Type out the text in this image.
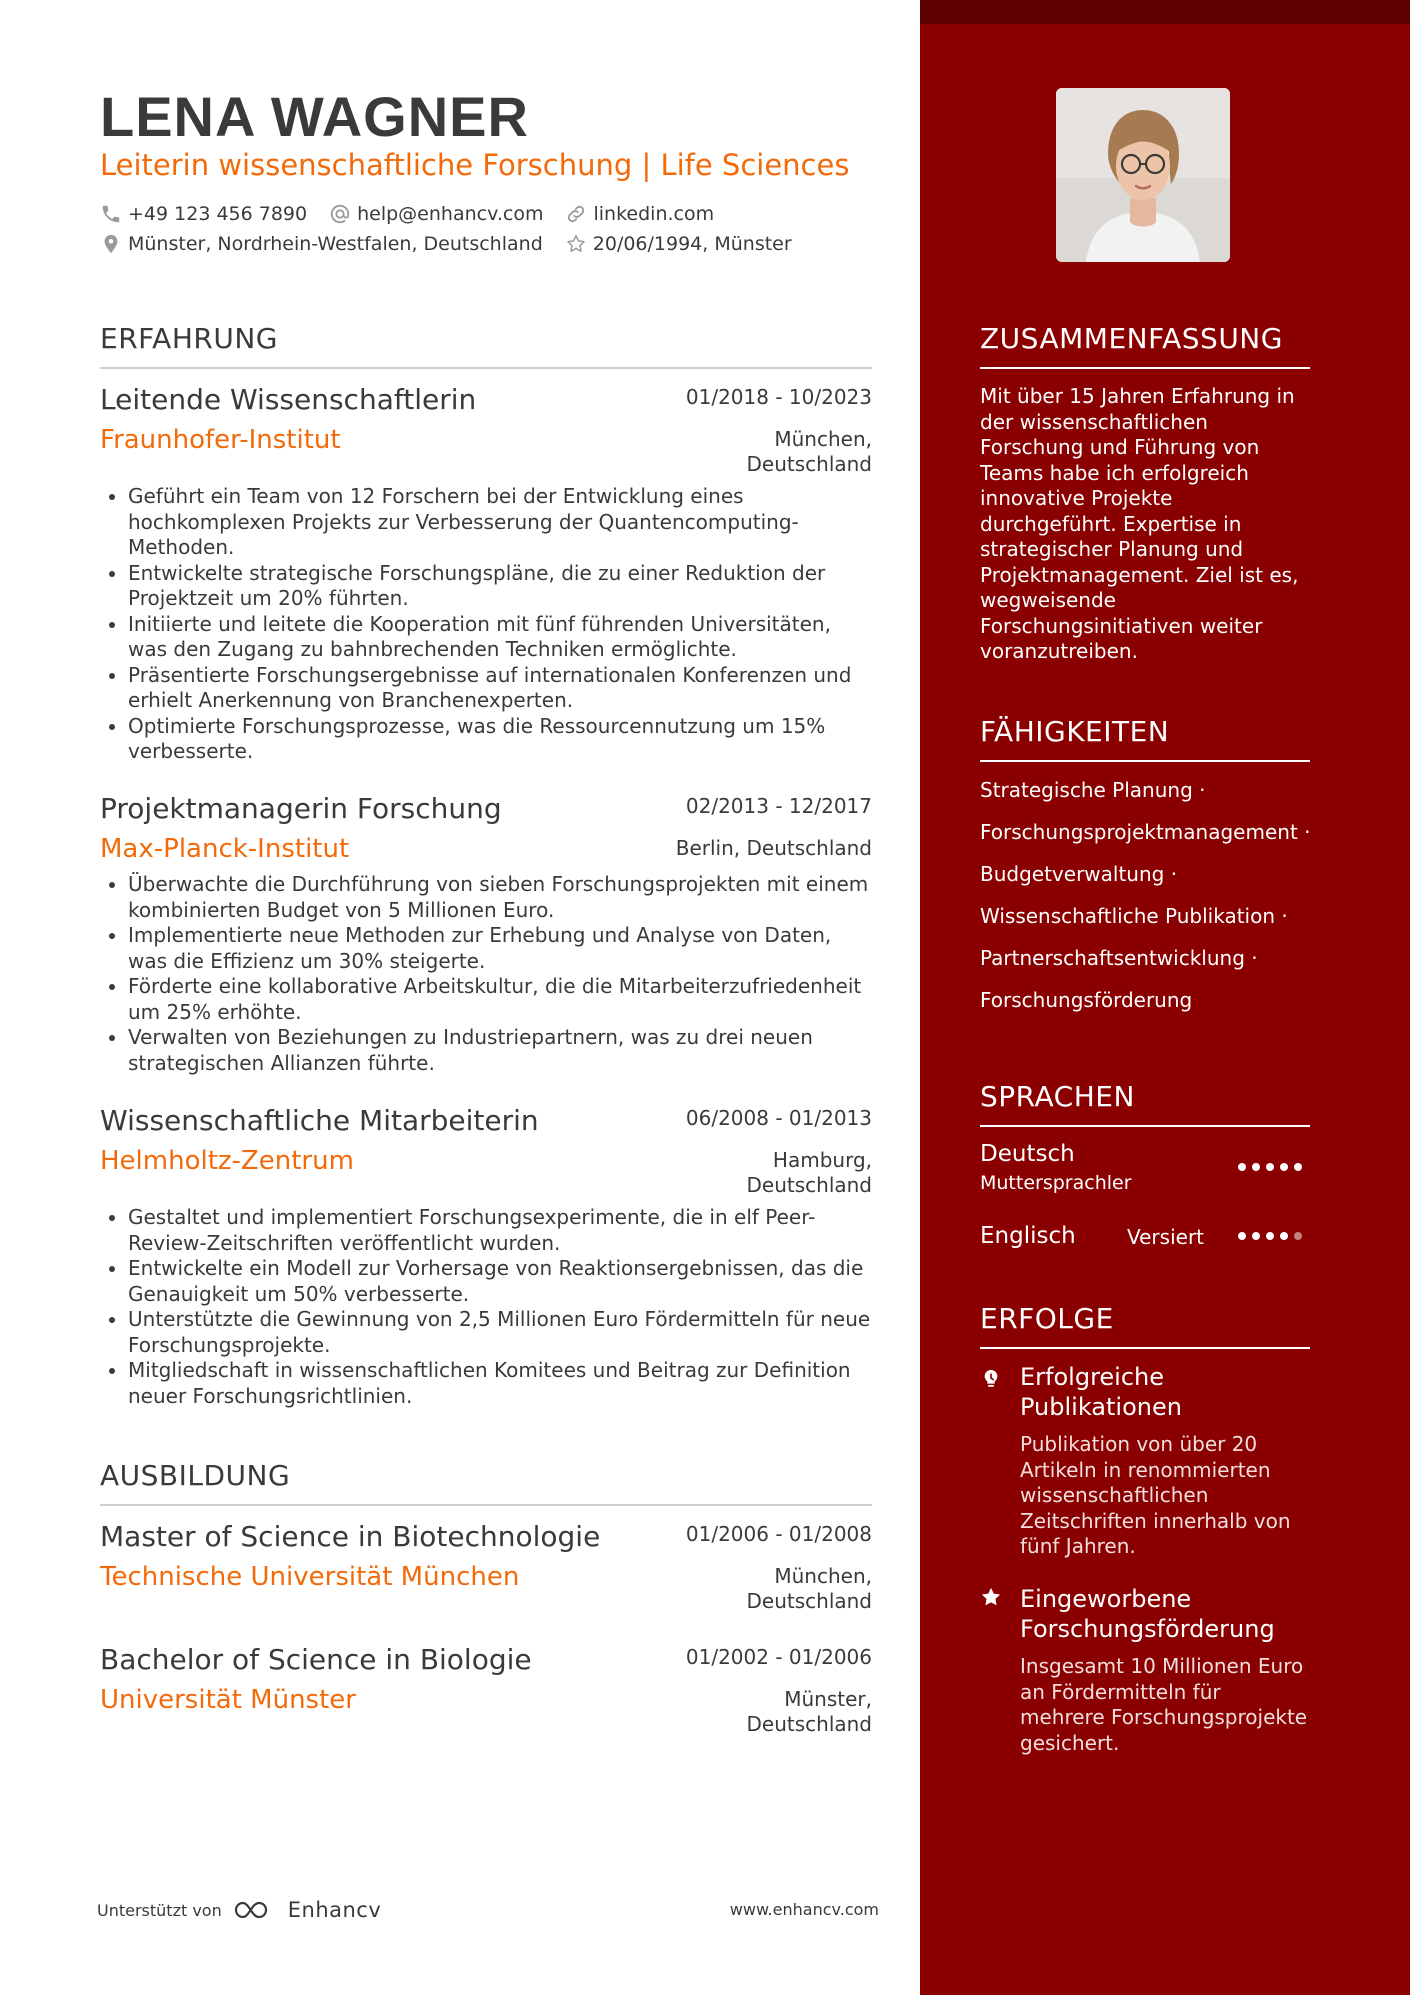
LENA WAGNER
Leiterin wissenschaftliche Forschung | Life Sciences
+49 123 456 7890	help@enhancv.com	linkedin.com
Münster, Nordrhein-Westfalen, Deutschland	20/06/1994, Münster
ERFAHRUNG
Leitende Wissenschaftlerin	01/2018 - 10/2023
Fraunhofer-Institut	München,
Deutschland
• Geführt ein Team von 12 Forschern bei der Entwicklung eines hochkomplexen Projekts zur Verbesserung der Quantencomputing-Methoden.
• Entwickelte strategische Forschungspläne, die zu einer Reduktion der Projektzeit um 20% führten.
• Initiierte und leitete die Kooperation mit fünf führenden Universitäten, was den Zugang zu bahnbrechenden Techniken ermöglichte.
• Präsentierte Forschungsergebnisse auf internationalen Konferenzen und erhielt Anerkennung von Branchenexperten.
• Optimierte Forschungsprozesse, was die Ressourcennutzung um 15% verbesserte.
Projektmanagerin Forschung	02/2013 - 12/2017
Max-Planck-Institut	Berlin, Deutschland
• Überwachte die Durchführung von sieben Forschungsprojekten mit einem kombinierten Budget von 5 Millionen Euro.
• Implementierte neue Methoden zur Erhebung und Analyse von Daten, was die Effizienz um 30% steigerte.
• Förderte eine kollaborative Arbeitskultur, die die Mitarbeiterzufriedenheit um 25% erhöhte.
• Verwalten von Beziehungen zu Industriepartnern, was zu drei neuen strategischen Allianzen führte.
Wissenschaftliche Mitarbeiterin	06/2008 - 01/2013
Helmholtz-Zentrum	Hamburg,
Deutschland
• Gestaltet und implementiert Forschungsexperimente, die in elf Peer-Review-Zeitschriften veröffentlicht wurden.
• Entwickelte ein Modell zur Vorhersage von Reaktionsergebnissen, das die Genauigkeit um 50% verbesserte.
• Unterstützte die Gewinnung von 2,5 Millionen Euro Fördermitteln für neue Forschungsprojekte.
• Mitgliedschaft in wissenschaftlichen Komitees und Beitrag zur Definition neuer Forschungsrichtlinien.
AUSBILDUNG
Master of Science in Biotechnologie	01/2006 - 01/2008
Technische Universität München	München,
Deutschland
Bachelor of Science in Biologie	01/2002 - 01/2006
Universität Münster	Münster,
Deutschland
Unterstützt von	Enhancv	www.enhancv.com
ZUSAMMENFASSUNG
Mit über 15 Jahren Erfahrung in der wissenschaftlichen Forschung und Führung von Teams habe ich erfolgreich innovative Projekte durchgeführt. Expertise in strategischer Planung und Projektmanagement. Ziel ist es, wegweisende Forschungsinitiativen weiter voranzutreiben.
FÄHIGKEITEN
Strategische Planung ·
Forschungsprojektmanagement ·
Budgetverwaltung ·
Wissenschaftliche Publikation ·
Partnerschaftsentwicklung ·
Forschungsförderung
SPRACHEN
Deutsch
Muttersprachler
Englisch	Versiert
ERFOLGE
Erfolgreiche Publikationen
Publikation von über 20 Artikeln in renommierten wissenschaftlichen Zeitschriften innerhalb von fünf Jahren.
Eingeworbene Forschungsförderung
Insgesamt 10 Millionen Euro an Fördermitteln für mehrere Forschungsprojekte gesichert.
